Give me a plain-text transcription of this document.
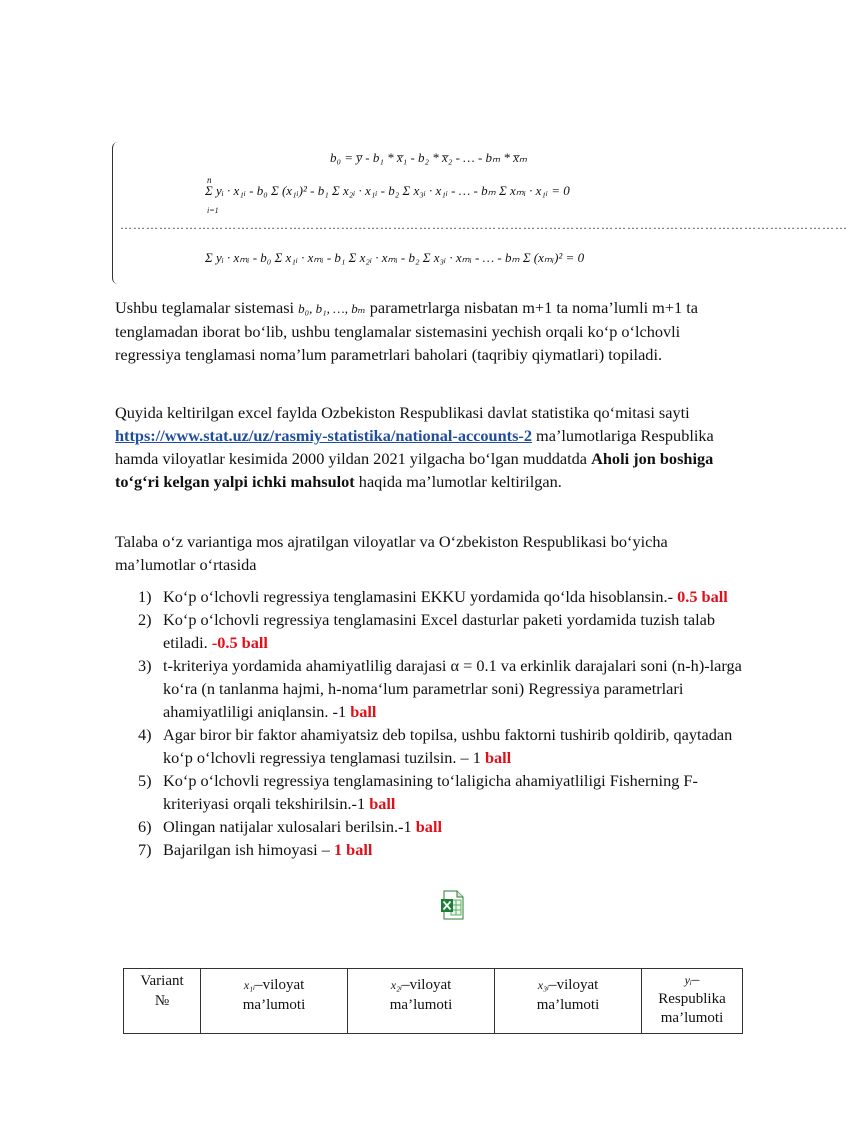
b₀ = y̅ - b₁ * x̅₁ - b₂ * x̅₂ - … - bₘ * x̅ₘ
n
Σ yᵢ · x₁ᵢ - b₀ Σ (x₁ᵢ)² - b₁ Σ x₂ᵢ · x₁ᵢ - b₂ Σ x₃ᵢ · x₁ᵢ - … - bₘ Σ xₘᵢ · x₁ᵢ = 0
i=1
……………………………………………………………………………………………………………………………………………………
Σ yᵢ · xₘᵢ - b₀ Σ x₁ᵢ · xₘᵢ - b₁ Σ x₂ᵢ · xₘᵢ - b₂ Σ x₃ᵢ · xₘᵢ - … - bₘ Σ (xₘᵢ)² = 0
Ushbu teglamalar sistemasi b₀, b₁, …, bₘ parametrlarga nisbatan m+1 ta noma’lumli m+1 ta tenglamadan iborat bo‘lib, ushbu tenglamalar sistemasini yechish orqali ko‘p o‘lchovli regressiya tenglamasi noma’lum parametrlari baholari (taqribiy qiymatlari) topiladi.
Quyida keltirilgan excel faylda Ozbekiston Respublikasi davlat statistika qo‘mitasi sayti https://www.stat.uz/uz/rasmiy-statistika/national-accounts-2 ma’lumotlariga Respublika hamda viloyatlar kesimida 2000 yildan 2021 yilgacha bo‘lgan muddatda Aholi jon boshiga to‘g‘ri kelgan yalpi ichki mahsulot haqida ma’lumotlar keltirilgan.
Talaba o‘z variantiga mos ajratilgan viloyatlar va O‘zbekiston Respublikasi bo‘yicha ma’lumotlar o‘rtasida
1) Ko‘p o‘lchovli regressiya tenglamasini EKKU yordamida qo‘lda hisoblansin.- 0.5 ball
2) Ko‘p o‘lchovli regressiya tenglamasini Excel dasturlar paketi yordamida tuzish talab etiladi. -0.5 ball
3) t-kriteriya yordamida ahamiyatlilig darajasi α = 0.1 va erkinlik darajalari soni (n-h)-larga ko‘ra (n tanlanma hajmi, h-noma‘lum parametrlar soni) Regressiya parametrlari ahamiyatliligi aniqlansin. -1 ball
4) Agar biror bir faktor ahamiyatsiz deb topilsa, ushbu faktorni tushirib qoldirib, qaytadan ko‘p o‘lchovli regressiya tenglamasi tuzilsin. – 1 ball
5) Ko‘p o‘lchovli regressiya tenglamasining to‘laligicha ahamiyatliligi Fisherning F-kriteriyasi orqali tekshirilsin.-1 ball
6) Olingan natijalar xulosalari berilsin.-1 ball
7) Bajarilgan ish himoyasi – 1 ball
Variant
№

x₁ᵢ–viloyat
ma’lumoti

x₂ᵢ–viloyat
ma’lumoti

x₃ᵢ–viloyat
ma’lumoti

yᵢ–
Respublika
ma’lumoti
